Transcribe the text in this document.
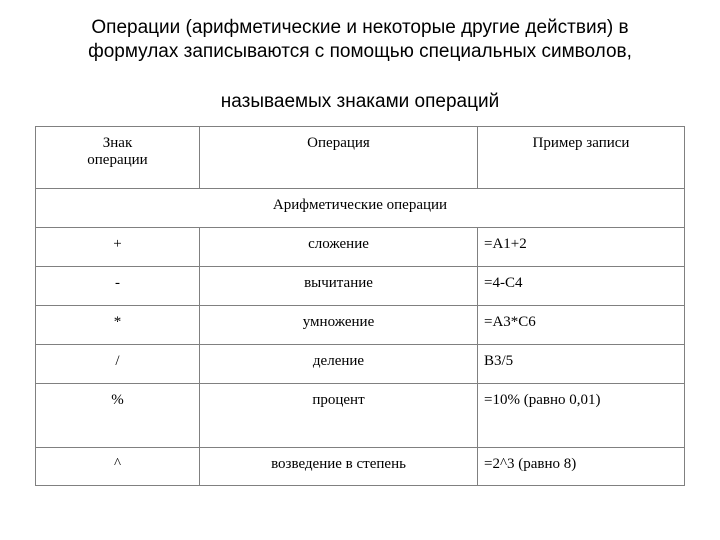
Операции (арифметические и некоторые другие действия) в
формулах записываются с помощью специальных символов,
называемых знаками операций
Знак
операции	Операция	Пример записи

Арифметические операции		

+	сложение	=А1+2

-	вычитание	=4-С4

*	умножение	=А3*С6

/	деление	В3/5

%	процент	=10% (равно 0,01)

^	возведение в степень	=2^3 (равно 8)
